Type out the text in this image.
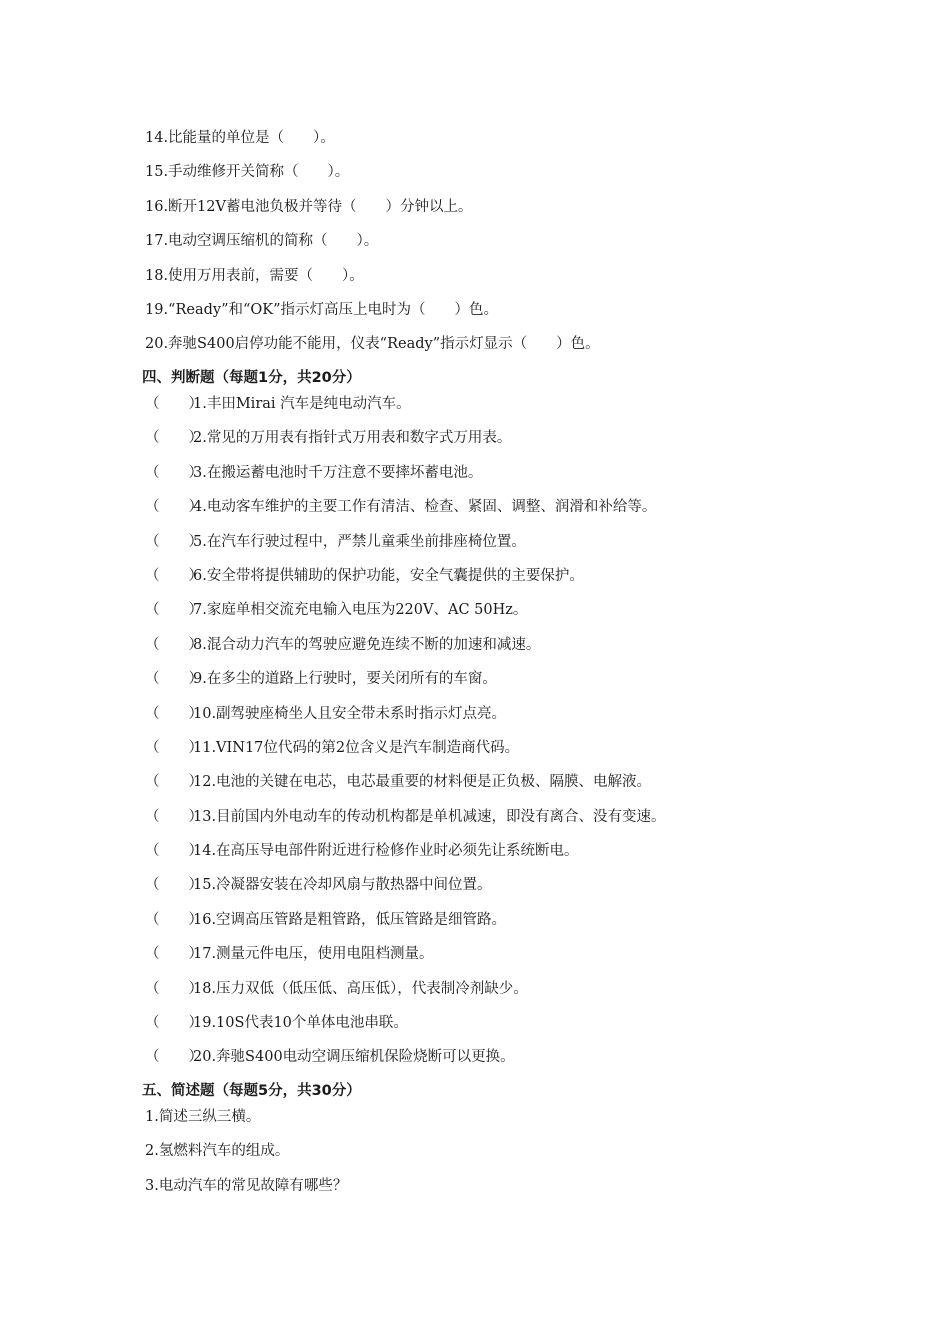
14.比能量的单位是（　　）。
15.手动维修开关简称（　　）。
16.断开12V蓄电池负极并等待（　　）分钟以上。
17.电动空调压缩机的简称（　　）。
18.使用万用表前，需要（　　）。
19.“Ready”和“OK”指示灯高压上电时为（　　）色。
20.奔驰S400启停功能不能用，仪表“Ready”指示灯显示（　　）色。
四、判断题（每题1分，共20分）
（　　）1.丰田Mirai 汽车是纯电动汽车。
（　　）2.常见的万用表有指针式万用表和数字式万用表。
（　　）3.在搬运蓄电池时千万注意不要摔坏蓄电池。
（　　）4.电动客车维护的主要工作有清洁、检查、紧固、调整、润滑和补给等。
（　　）5.在汽车行驶过程中，严禁儿童乘坐前排座椅位置。
（　　）6.安全带将提供辅助的保护功能，安全气囊提供的主要保护。
（　　）7.家庭单相交流充电输入电压为220V、AC 50Hz。
（　　）8.混合动力汽车的驾驶应避免连续不断的加速和减速。
（　　）9.在多尘的道路上行驶时，要关闭所有的车窗。
（　　）10.副驾驶座椅坐人且安全带未系时指示灯点亮。
（　　）11.VIN17位代码的第2位含义是汽车制造商代码。
（　　）12.电池的关键在电芯，电芯最重要的材料便是正负极、隔膜、电解液。
（　　）13.目前国内外电动车的传动机构都是单机减速，即没有离合、没有变速。
（　　）14.在高压导电部件附近进行检修作业时必须先让系统断电。
（　　）15.冷凝器安装在冷却风扇与散热器中间位置。
（　　）16.空调高压管路是粗管路，低压管路是细管路。
（　　）17.测量元件电压，使用电阻档测量。
（　　）18.压力双低（低压低、高压低），代表制冷剂缺少。
（　　）19.10S代表10个单体电池串联。
（　　）20.奔驰S400电动空调压缩机保险烧断可以更换。
五、简述题（每题5分，共30分）
1.简述三纵三横。
2.氢燃料汽车的组成。
3.电动汽车的常见故障有哪些？
